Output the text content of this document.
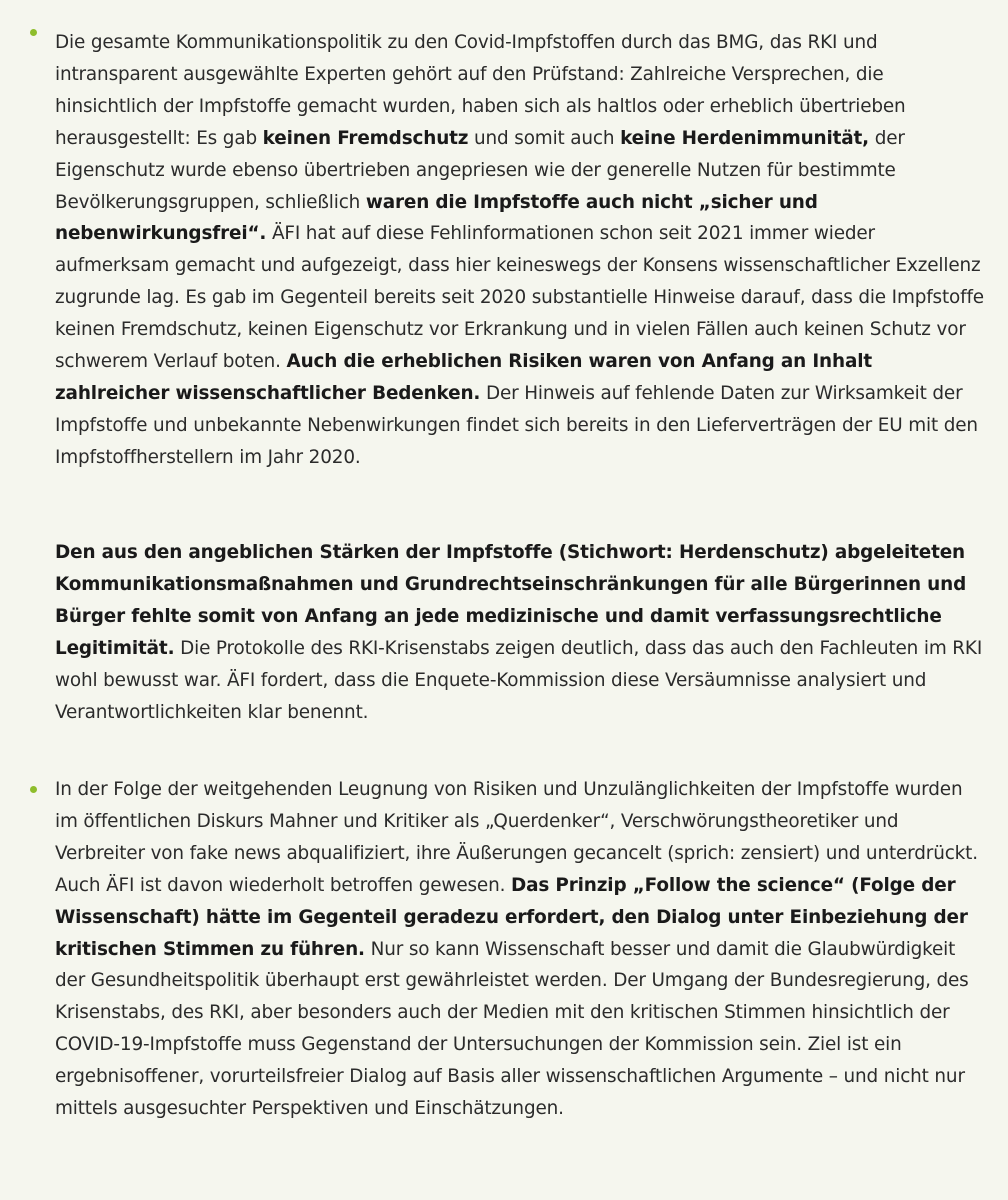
Die gesamte Kommunikationspolitik zu den Covid-Impfstoffen durch das BMG, das RKI und intransparent ausgewählte Experten gehört auf den Prüfstand: Zahlreiche Versprechen, die hinsichtlich der Impfstoffe gemacht wurden, haben sich als haltlos oder erheblich übertrieben herausgestellt: Es gab keinen Fremdschutz und somit auch keine Herdenimmunität, der Eigenschutz wurde ebenso übertrieben angepriesen wie der generelle Nutzen für bestimmte Bevölkerungsgruppen, schließlich waren die Impfstoffe auch nicht „sicher und nebenwirkungsfrei“. ÄFI hat auf diese Fehlinformationen schon seit 2021 immer wieder aufmerksam gemacht und aufgezeigt, dass hier keineswegs der Konsens wissenschaftlicher Exzellenz zugrunde lag. Es gab im Gegenteil bereits seit 2020 substantielle Hinweise darauf, dass die Impfstoffe keinen Fremdschutz, keinen Eigenschutz vor Erkrankung und in vielen Fällen auch keinen Schutz vor schwerem Verlauf boten. Auch die erheblichen Risiken waren von Anfang an Inhalt zahlreicher wissenschaftlicher Bedenken. Der Hinweis auf fehlende Daten zur Wirksamkeit der Impfstoffe und unbekannte Nebenwirkungen findet sich bereits in den Lieferverträgen der EU mit den Impfstoffherstellern im Jahr 2020.

Den aus den angeblichen Stärken der Impfstoffe (Stichwort: Herdenschutz) abgeleiteten Kommunikationsmaßnahmen und Grundrechtseinschränkungen für alle Bürgerinnen und Bürger fehlte somit von Anfang an jede medizinische und damit verfassungsrechtliche Legitimität. Die Protokolle des RKI-Krisenstabs zeigen deutlich, dass das auch den Fachleuten im RKI wohl bewusst war. ÄFI fordert, dass die Enquete-Kommission diese Versäumnisse analysiert und Verantwortlichkeiten klar benennt.

In der Folge der weitgehenden Leugnung von Risiken und Unzulänglichkeiten der Impfstoffe wurden im öffentlichen Diskurs Mahner und Kritiker als „Querdenker“, Verschwörungstheoretiker und Verbreiter von fake news abqualifiziert, ihre Äußerungen gecancelt (sprich: zensiert) und unterdrückt. Auch ÄFI ist davon wiederholt betroffen gewesen. Das Prinzip „Follow the science“ (Folge der Wissenschaft) hätte im Gegenteil geradezu erfordert, den Dialog unter Einbeziehung der kritischen Stimmen zu führen. Nur so kann Wissenschaft besser und damit die Glaubwürdigkeit der Gesundheitspolitik überhaupt erst gewährleistet werden. Der Umgang der Bundesregierung, des Krisenstabs, des RKI, aber besonders auch der Medien mit den kritischen Stimmen hinsichtlich der COVID-19-Impfstoffe muss Gegenstand der Untersuchungen der Kommission sein. Ziel ist ein ergebnisoffener, vorurteilsfreier Dialog auf Basis aller wissenschaftlichen Argumente – und nicht nur mittels ausgesuchter Perspektiven und Einschätzungen.
